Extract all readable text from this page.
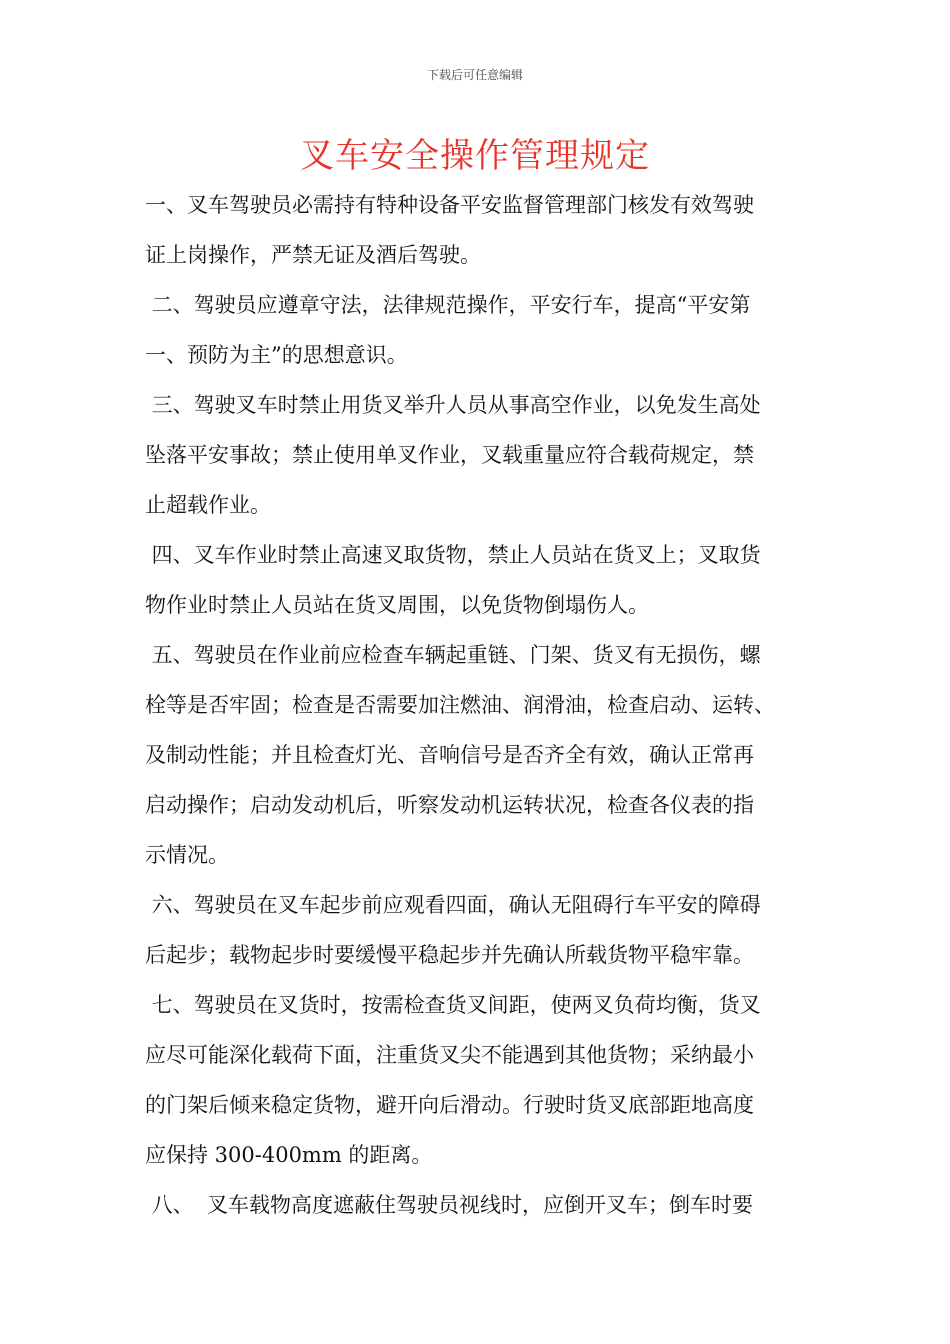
下载后可任意编辑
叉车安全操作管理规定
一、叉车驾驶员必需持有特种设备平安监督管理部门核发有效驾驶
证上岗操作，严禁无证及酒后驾驶。
二、驾驶员应遵章守法，法律规范操作，平安行车，提高“平安第
一、预防为主”的思想意识。
三、驾驶叉车时禁止用货叉举升人员从事高空作业，以免发生高处
坠落平安事故；禁止使用单叉作业，叉载重量应符合载荷规定，禁
止超载作业。
四、叉车作业时禁止高速叉取货物，禁止人员站在货叉上；叉取货
物作业时禁止人员站在货叉周围，以免货物倒塌伤人。
五、驾驶员在作业前应检查车辆起重链、门架、货叉有无损伤，螺
栓等是否牢固；检查是否需要加注燃油、润滑油，检查启动、运转、
及制动性能；并且检查灯光、音响信号是否齐全有效，确认正常再
启动操作；启动发动机后，听察发动机运转状况，检查各仪表的指
示情况。
六、驾驶员在叉车起步前应观看四面，确认无阻碍行车平安的障碍
后起步；载物起步时要缓慢平稳起步并先确认所载货物平稳牢靠。
七、驾驶员在叉货时，按需检查货叉间距，使两叉负荷均衡，货叉
应尽可能深化载荷下面，注重货叉尖不能遇到其他货物；采纳最小
的门架后倾来稳定货物，避开向后滑动。行驶时货叉底部距地高度
应保持 300-400mm 的距离。
八、  叉车载物高度遮蔽住驾驶员视线时，应倒开叉车；倒车时要
